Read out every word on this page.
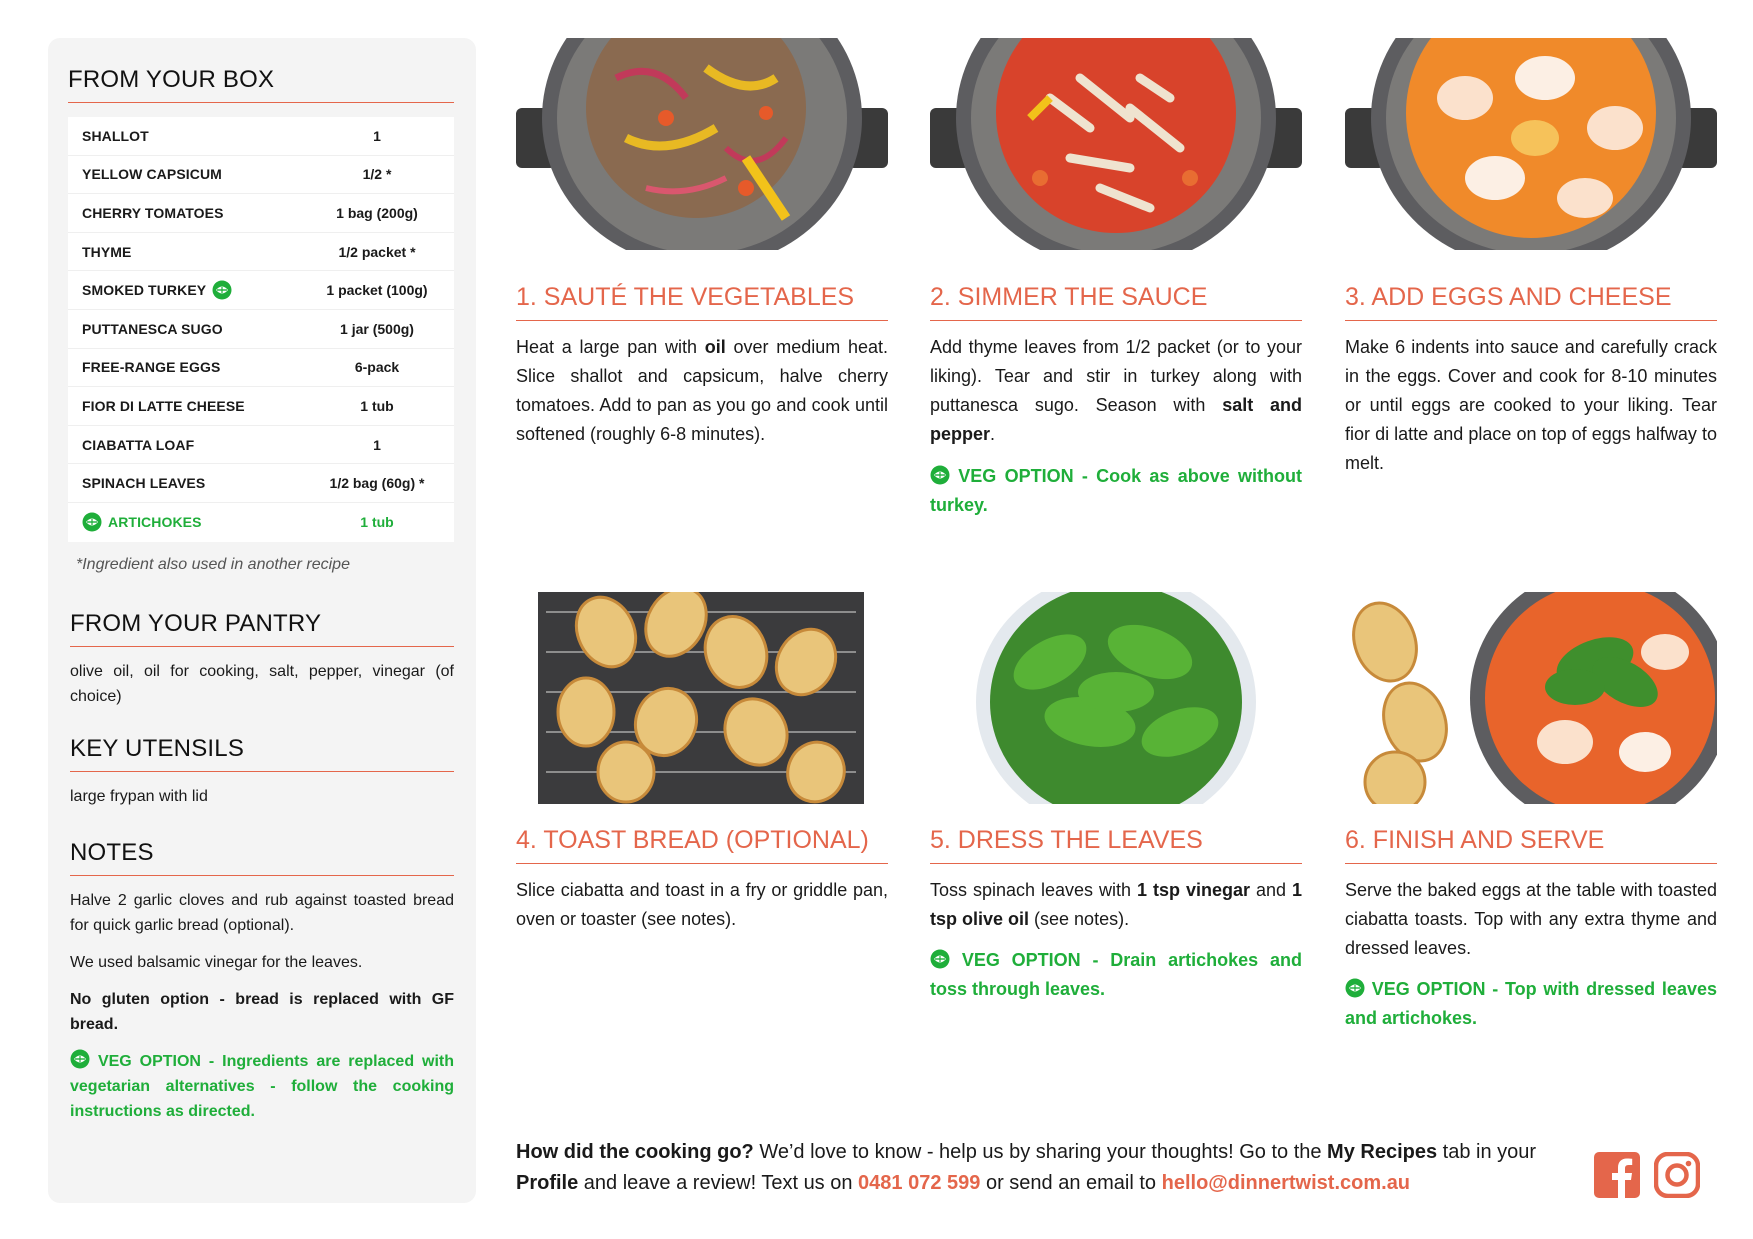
FROM YOUR BOX
SHALLOT	1
YELLOW CAPSICUM	1/2 *
CHERRY TOMATOES	1 bag (200g)
THYME	1/2 packet *
SMOKED TURKEY	1 packet (100g)
PUTTANESCA SUGO	1 jar (500g)
FREE-RANGE EGGS	6-pack
FIOR DI LATTE CHEESE	1 tub
CIABATTA LOAF	1
SPINACH LEAVES	1/2 bag (60g) *
ARTICHOKES	1 tub
*Ingredient also used in another recipe
FROM YOUR PANTRY
olive oil, oil for cooking, salt, pepper, vinegar (of choice)
KEY UTENSILS
large frypan with lid
NOTES
Halve 2 garlic cloves and rub against toasted bread for quick garlic bread (optional).
We used balsamic vinegar for the leaves.
No gluten option - bread is replaced with GF bread.
VEG OPTION - Ingredients are replaced with vegetarian alternatives - follow the cooking instructions as directed.
1. SAUTÉ THE VEGETABLES
Heat a large pan with oil over medium heat. Slice shallot and capsicum, halve cherry tomatoes. Add to pan as you go and cook until softened (roughly 6-8 minutes).
2. SIMMER THE SAUCE
Add thyme leaves from 1/2 packet (or to your liking). Tear and stir in turkey along with puttanesca sugo. Season with salt and pepper.
VEG OPTION - Cook as above without turkey.
3. ADD EGGS AND CHEESE
Make 6 indents into sauce and carefully crack in the eggs. Cover and cook for 8-10 minutes or until eggs are cooked to your liking. Tear fior di latte and place on top of eggs halfway to melt.
4. TOAST BREAD (OPTIONAL)
Slice ciabatta and toast in a fry or griddle pan, oven or toaster (see notes).
5. DRESS THE LEAVES
Toss spinach leaves with 1 tsp vinegar and 1 tsp olive oil (see notes).
VEG OPTION - Drain artichokes and toss through leaves.
6. FINISH AND SERVE
Serve the baked eggs at the table with toasted ciabatta toasts. Top with any extra thyme and dressed leaves.
VEG OPTION - Top with dressed leaves and artichokes.
How did the cooking go? We’d love to know - help us by sharing your thoughts! Go to the My Recipes tab in your Profile and leave a review! Text us on 0481 072 599 or send an email to hello@dinnertwist.com.au
